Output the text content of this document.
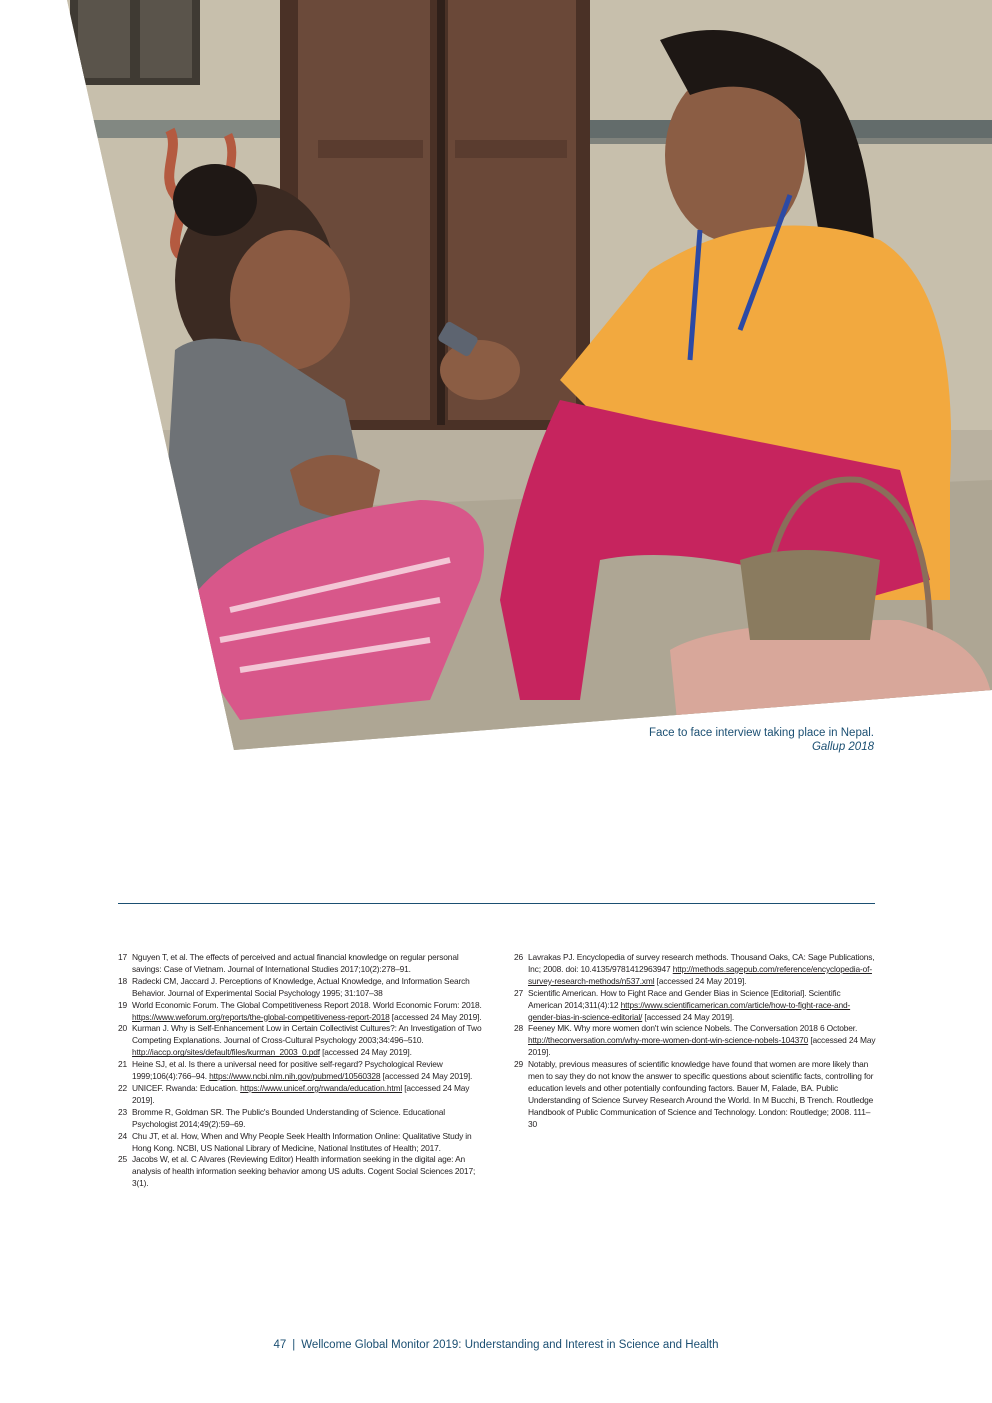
Face to face interview taking place in Nepal.
Gallup 2018
17 Nguyen T, et al. The effects of perceived and actual financial knowledge on regular personal savings: Case of Vietnam. Journal of International Studies 2017;10(2):278–91.
18 Radecki CM, Jaccard J. Perceptions of Knowledge, Actual Knowledge, and Information Search Behavior. Journal of Experimental Social Psychology 1995; 31:107–38
19 World Economic Forum. The Global Competitiveness Report 2018. World Economic Forum: 2018. https://www.weforum.org/reports/the-global-competitiveness-report-2018 [accessed 24 May 2019].
20 Kurman J. Why is Self-Enhancement Low in Certain Collectivist Cultures?: An Investigation of Two Competing Explanations. Journal of Cross-Cultural Psychology 2003;34:496–510. http://iaccp.org/sites/default/files/kurman_2003_0.pdf [accessed 24 May 2019].
21 Heine SJ, et al. Is there a universal need for positive self-regard? Psychological Review 1999;106(4):766–94. https://www.ncbi.nlm.nih.gov/pubmed/10560328 [accessed 24 May 2019].
22 UNICEF. Rwanda: Education. https://www.unicef.org/rwanda/education.html [accessed 24 May 2019].
23 Bromme R, Goldman SR. The Public's Bounded Understanding of Science. Educational Psychologist 2014;49(2):59–69.
24 Chu JT, et al. How, When and Why People Seek Health Information Online: Qualitative Study in Hong Kong. NCBI, US National Library of Medicine, National Institutes of Health; 2017.
25 Jacobs W, et al. C Alvares (Reviewing Editor) Health information seeking in the digital age: An analysis of health information seeking behavior among US adults. Cogent Social Sciences 2017; 3(1).
26 Lavrakas PJ. Encyclopedia of survey research methods. Thousand Oaks, CA: Sage Publications, Inc; 2008. doi: 10.4135/9781412963947 http://methods.sagepub.com/reference/encyclopedia-of-survey-research-methods/n537.xml [accessed 24 May 2019].
27 Scientific American. How to Fight Race and Gender Bias in Science [Editorial]. Scientific American 2014;311(4):12 https://www.scientificamerican.com/article/how-to-fight-race-and-gender-bias-in-science-editorial/ [accessed 24 May 2019].
28 Feeney MK. Why more women don't win science Nobels. The Conversation 2018 6 October. http://theconversation.com/why-more-women-dont-win-science-nobels-104370 [accessed 24 May 2019].
29 Notably, previous measures of scientific knowledge have found that women are more likely than men to say they do not know the answer to specific questions about scientific facts, controlling for education levels and other potentially confounding factors. Bauer M, Falade, BA. Public Understanding of Science Survey Research Around the World. In M Bucchi, B Trench. Routledge Handbook of Public Communication of Science and Technology. London: Routledge; 2008. 111–30
47 | Wellcome Global Monitor 2019: Understanding and Interest in Science and Health
